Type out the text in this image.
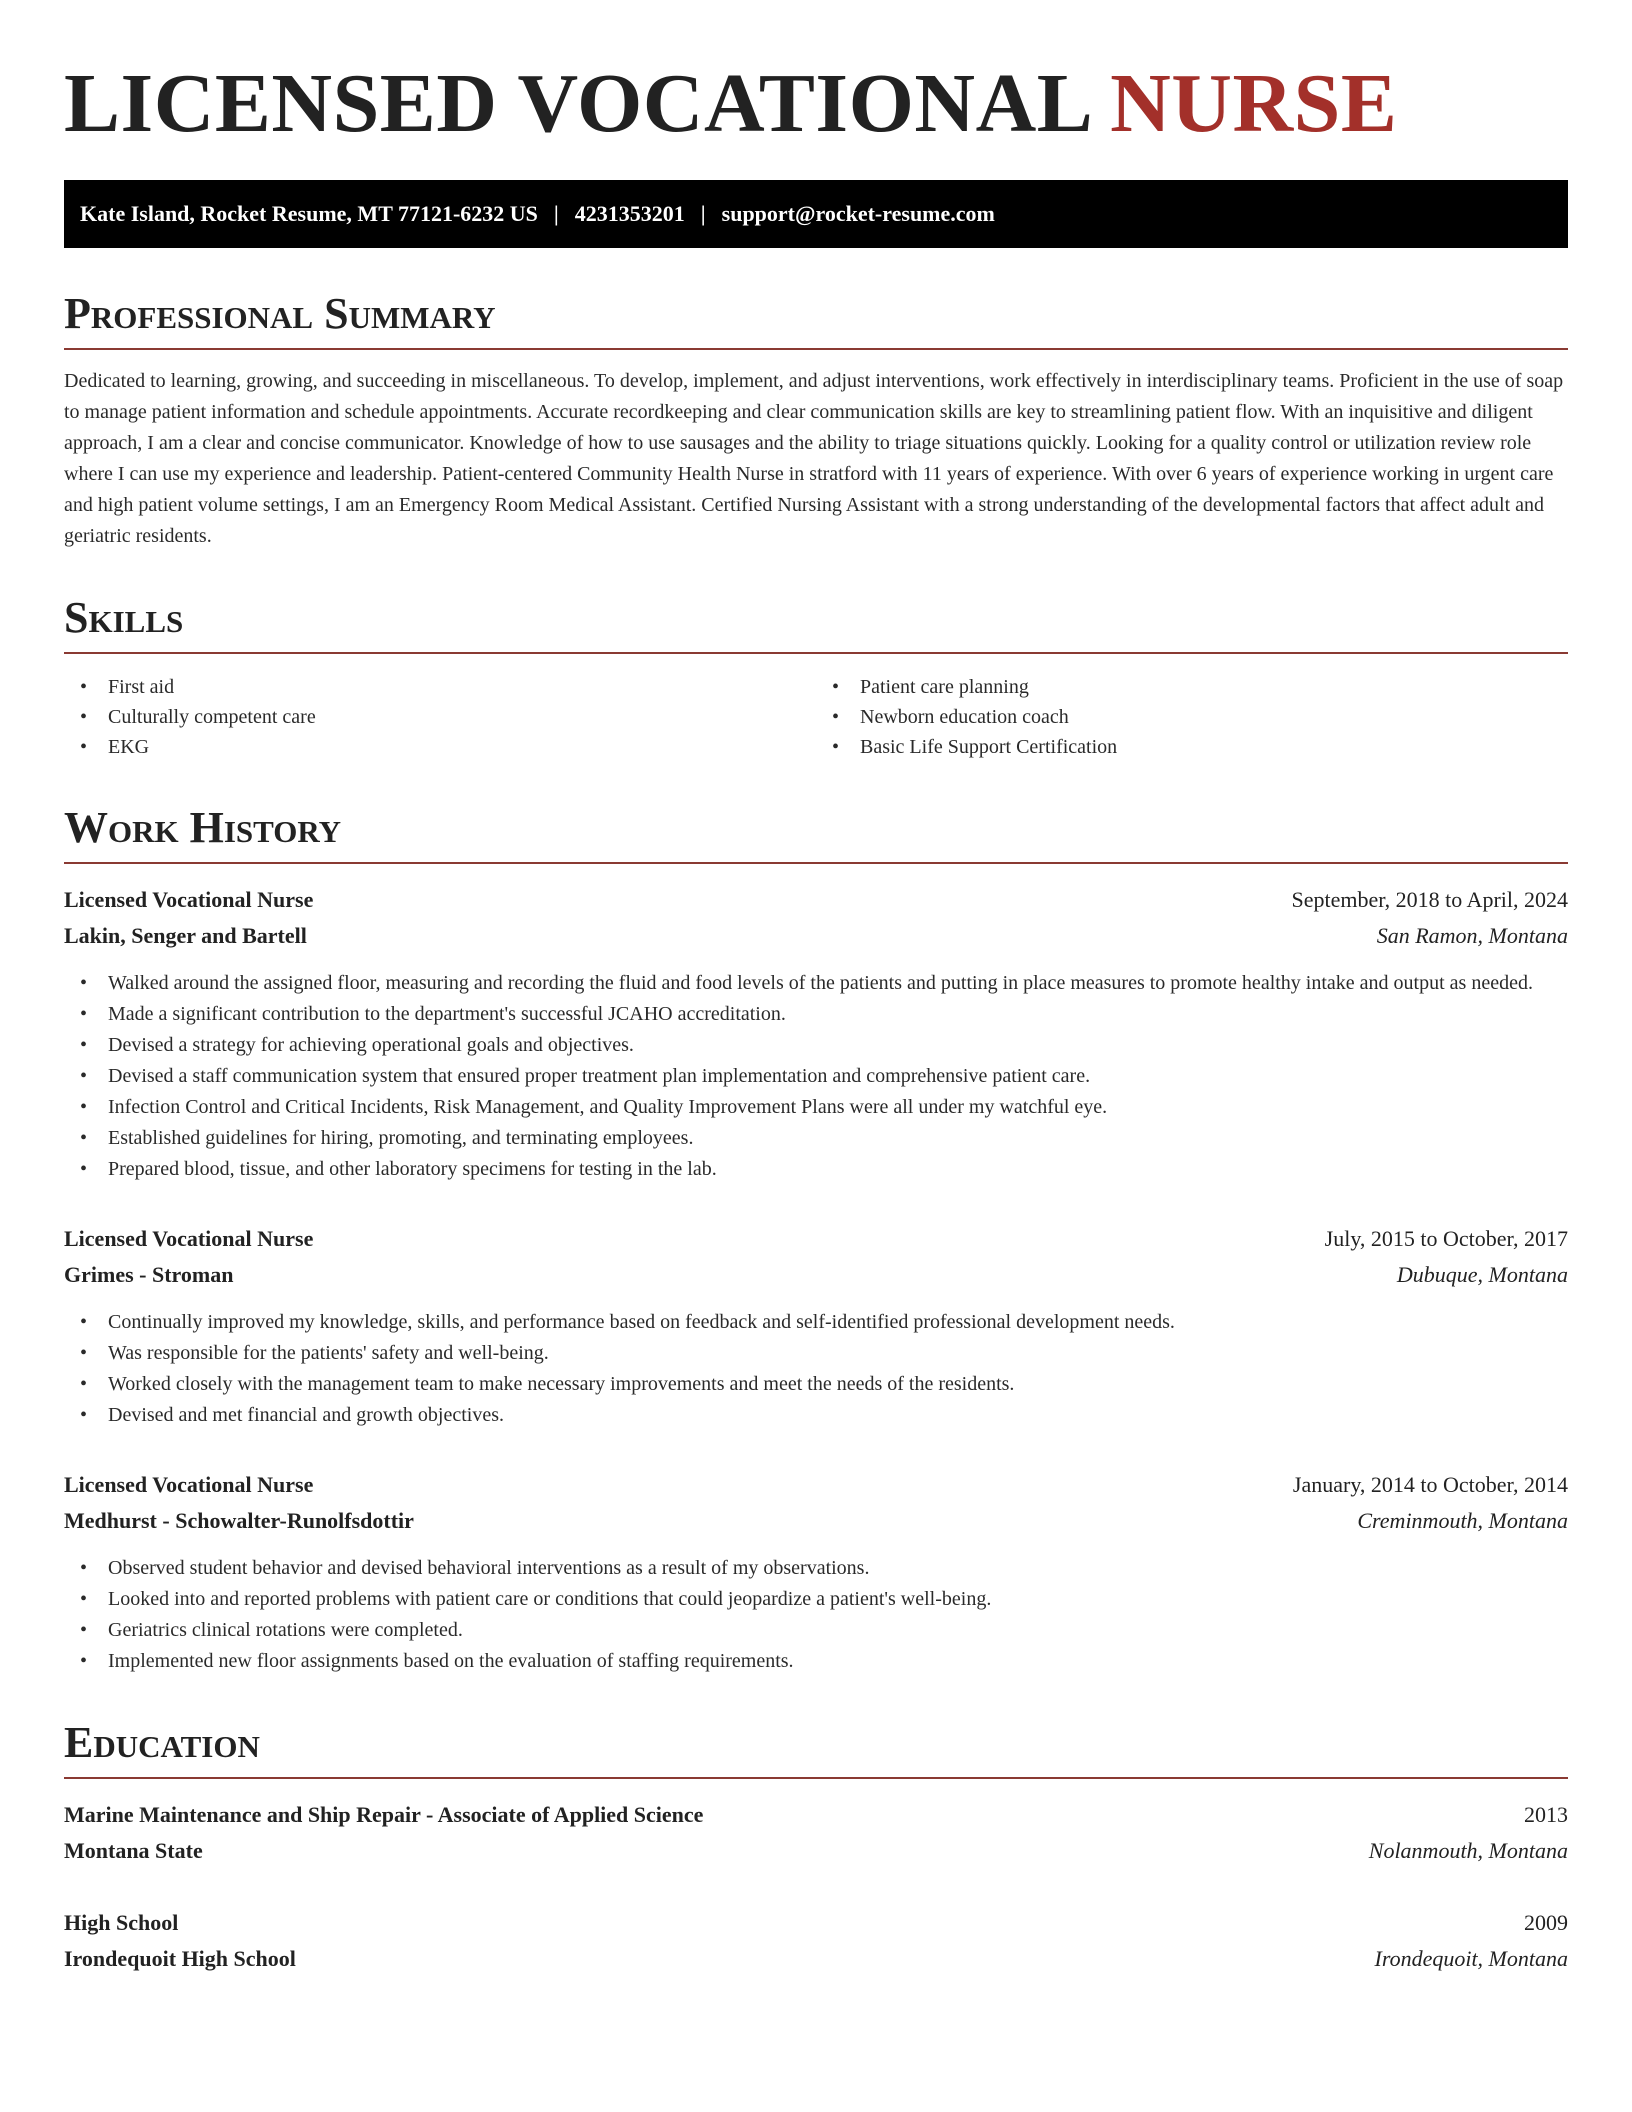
LICENSED VOCATIONAL NURSE
Kate Island, Rocket Resume, MT 77121-6232 US | 4231353201 | support@rocket-resume.com
Professional Summary

Dedicated to learning, growing, and succeeding in miscellaneous. To develop, implement, and adjust interventions, work effectively in interdisciplinary teams. Proficient in the use of soap to manage patient information and schedule appointments. Accurate recordkeeping and clear communication skills are key to streamlining patient flow. With an inquisitive and diligent approach, I am a clear and concise communicator. Knowledge of how to use sausages and the ability to triage situations quickly. Looking for a quality control or utilization review role where I can use my experience and leadership. Patient-centered Community Health Nurse in stratford with 11 years of experience. With over 6 years of experience working in urgent care and high patient volume settings, I am an Emergency Room Medical Assistant. Certified Nursing Assistant with a strong understanding of the developmental factors that affect adult and geriatric residents.

Skills
• First aid
• Culturally competent care
• EKG
• Patient care planning
• Newborn education coach
• Basic Life Support Certification
Work History
Licensed Vocational Nurse	September, 2018 to April, 2024
Lakin, Senger and Bartell	San Ramon, Montana
• Walked around the assigned floor, measuring and recording the fluid and food levels of the patients and putting in place measures to promote healthy intake and output as needed.
• Made a significant contribution to the department's successful JCAHO accreditation.
• Devised a strategy for achieving operational goals and objectives.
• Devised a staff communication system that ensured proper treatment plan implementation and comprehensive patient care.
• Infection Control and Critical Incidents, Risk Management, and Quality Improvement Plans were all under my watchful eye.
• Established guidelines for hiring, promoting, and terminating employees.
• Prepared blood, tissue, and other laboratory specimens for testing in the lab.
Licensed Vocational Nurse	July, 2015 to October, 2017
Grimes - Stroman	Dubuque, Montana
• Continually improved my knowledge, skills, and performance based on feedback and self-identified professional development needs.
• Was responsible for the patients' safety and well-being.
• Worked closely with the management team to make necessary improvements and meet the needs of the residents.
• Devised and met financial and growth objectives.
Licensed Vocational Nurse	January, 2014 to October, 2014
Medhurst - Schowalter-Runolfsdottir	Creminmouth, Montana
• Observed student behavior and devised behavioral interventions as a result of my observations.
• Looked into and reported problems with patient care or conditions that could jeopardize a patient's well-being.
• Geriatrics clinical rotations were completed.
• Implemented new floor assignments based on the evaluation of staffing requirements.
Education
Marine Maintenance and Ship Repair - Associate of Applied Science	2013
Montana State	Nolanmouth, Montana
High School	2009
Irondequoit High School	Irondequoit, Montana
